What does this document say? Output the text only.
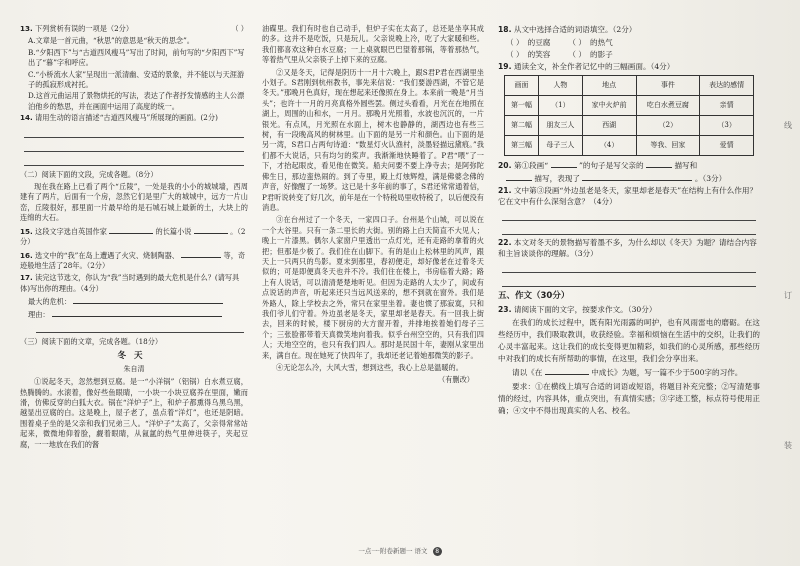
13. 下列赏析有误的一项是（2分）	（ ）
A.文章是一首元曲，“秋思”的意思是“秋天的思念”。
B.“夕阳西下”与“古道西风瘦马”写出了时间，前句写的“夕阳西下”写出了“暮”字和呼应。
C.“小桥流水人家”呈现出一派清幽、安适的景象，并不能以与天涯游子的孤寂形成衬托。
D.这首元曲运用了景物烘托的写法，表达了作者抒发情感的主人公漂泊他乡的愁思，并在画面中运用了高度的统一。
14. 请用生动的语言描述“古道西风瘦马”所展现的画面。(2分)
（二）阅读下面的文段，完成各题。（8分）
现在我在路上已看了两个“丘陵”，一处是我的小小的城城墙，西周建有了两片，后面有一个房，忽然它们是里广大的城城中，远方一片山峦，丘陵很好，那里面一片最早给的是石城石城上最新的土，大块上的连绵的大石。
15. 这段文字选自英国作家	的长篇小说	。（2分）
16. 选文中的“我”在岛上遭遇了火灾、烧制陶器、	等，奇迹般地生活了28年。（2分）
17. 读完这节选文，你认为“我”当时遇到的最大危机是什么？(请写具体)写出你的理由。（4分）
最大的危机：
理由：
（三）阅读下面的文章，完成各题。（18分）
冬天
朱自清
①说起冬天，忽然想到豆腐。是一“小洋锅”（铝锅）白水煮豆腐，热腾腾的。水滚着，像好些鱼眼睛，一小块一小块豆腐养在里面，嫩而滑，仿佛反穿的白狐大衣。锅在“洋炉子”上，和炉子都熏得乌黑乌黑，越显出豆腐的白。这是晚上，屋子老了，虽点着“洋灯”，也还是阴暗。围着桌子坐的是父亲和我们兄弟三人。“洋炉子”太高了，父亲得常常站起来，微微地仰着脸，觑着眼睛，从氤氲的热气里伸进筷子，夹起豆腐，一一地放在我们的酱
油碟里。我们有时也自己动手，但炉子实在太高了，总还是坐享其成的多。这并不是吃饭，只是玩儿。父亲说晚上冷，吃了大家暖和些。我们都喜欢这种白水豆腐；一上桌就眼巴巴望着那锅，等着那热气，等着热气里从父亲筷子上掉下来的豆腐。
②又是冬天，记得是阴历十一月十六晚上，跟S君P君在西湖里坐小划子。S君刚到杭州教书，事先来信说：“我们要游西湖，不管它是冬天。”那晚月色真好，现在想起来还像照在身上。本来前一晚是“月当头”；也许十一月的月亮真格外圆些罢。侧过头看看，月光在在地照在湖上，周围的山和水，一月月。那晚月光照着，水波也沉沉的，一片银光。有点风，月光照在水面上，树木也静静的，湖西边也有些三树，有一段晚高风的树林里。山下面的是另一片和颜色。山下面的是另一湾，S君口占两句诗道：“数星灯火认渔村，淡墨轻描远黛痕。”我们都不大说话，只有均匀的桨声。我渐渐地快睡着了。P君“喂”了一下，才抬起眼皮，看见他在微笑。船夫问要不要上净寺去；是阿弥陀佛生日，那边蛮热闹的。到了寺里，殿上灯烛辉煌，满是佛婆念佛的声音，好像醒了一场梦。这已是十多年前的事了，S君还常常通着信，P君听说转变了好几次，前年是在一个特税局里收特税了，以后便没有消息。
③在台州过了一个冬天，一家四口子。台州是个山城，可以说在一个大谷里。只有一条二里长的大街。别的路上白天简直不大见人；晚上一片漆黑。偶尔人家窗户里透出一点灯光，还有走路的拿着的火把；但那是少极了。我们住在山脚下。有的是山上松林里的风声，跟天上一只两只的鸟影。夏末到那里，春初便走，却好像老在过着冬天似的；可是即便真冬天也并不冷。我们住在楼上，书房临着大路；路上有人说话，可以清清楚楚地听见。但因为走路的人太少了，间或有点说话的声音，听起来还只当远风送来的，想不到就在窗外。我们是外路人，除上学校去之外，常只在家里坐着。妻也惯了那寂寞，只和我们爷儿们守着。外边虽老是冬天，家里却老是春天。有一回我上街去，回来的时候，楼下厨房的大方窗开着，并排地挨着她们母子三个；三张脸都带着天真微笑地向着我。似乎台州空空的，只有我们四人；天地空空的，也只有我们四人。那时是民国十年，妻刚从家里出来，满自在。现在她死了快四年了，我却还老记着她那微笑的影子。
④无论怎么冷，大风大雪，想到这些，我心上总是温暖的。
（有删改）
18. 从文中选择合适的词语填空。（2分）
（ ） 的豆腐 （ ） 的热气
（ ） 的笑容 （ ） 的影子
19. 通读全文，补全作者记忆中的三幅画面。（4分）
画面	人物	地点	事件	表达的感情
第一幅	（1）	家中火炉前	吃白水煮豆腐	亲情
第二幅	朋友三人	西湖	（2）	（3）
第三幅	母子三人	（4）	等我、回家	爱情
20. 第①段画“	”的句子是写父亲的	描写和
描写，表现了	。（3分）
21. 文中第③段画“外边虽老是冬天，家里却老是春天”在结构上有什么作用？它在文中有什么深刻含意？（4分）
22. 本文对冬天的景物描写着墨不多，为什么却以《冬天》为题？请结合内容和主旨谈谈你的理解。（3分）
五、作文（30分）
23. 请阅读下面的文字，按要求作文。（30分）
在我们的成长过程中，既有阳光雨露的呵护，也有风雨雷电的磨砺。在这些经历中，我们吸取教训，收获经验。幸福和烦恼在生活中的交织，让我们的心灵丰富起来。这让我们的成长变得更加精彩，如我们的心灵所感，那些经历中对我们的成长有所帮助的事情，在这里，我们会分享出来。
请以《在	中成长》为题，写一篇不少于500字的习作。
要求：①在横线上填写合适的词语或短语，将题目补充完整；②写清楚事情的经过，内容具体，重点突出，有真情实感；③字迹工整，标点符号使用正确；④文中不得出现真实的人名、校名。
线
订
装
一点一·附卷新题一 语文 8
